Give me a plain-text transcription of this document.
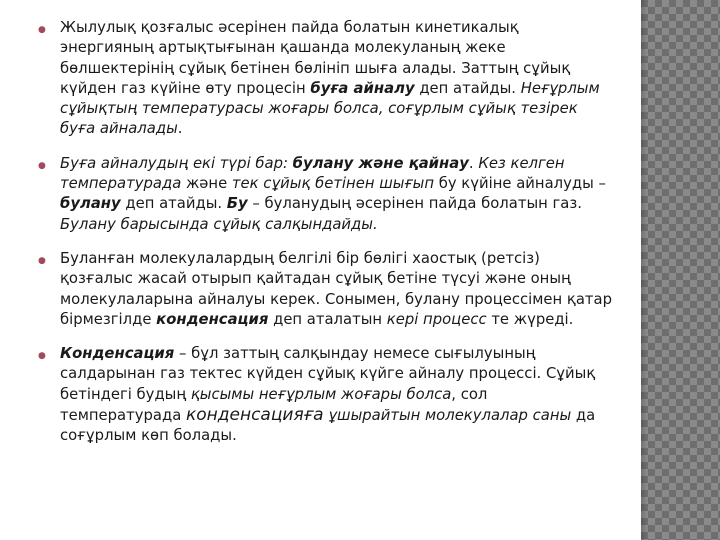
● Жылулық қозғалыс әсерінен пайда болатын кинетикалық энергияның артықтығынан қашанда молекуланың жеке бөлшектерінің сұйық бетінен бөлініп шыға алады. Заттың сұйық күйден газ күйіне өту процесін буға айналу деп атайды. Неғұрлым сұйықтың температурасы жоғары болса, соғұрлым сұйық тезірек буға айналады.
● Буға айналудың екі түрі бар: булану және қайнау. Кез келген температурада және тек сұйық бетінен шығып бу күйіне айналуды – булану деп атайды. Бу – буланудың әсерінен пайда болатын газ. Булану барысында сұйық салқындайды.
● Буланған молекулалардың белгілі бір бөлігі хаостық (ретсіз) қозғалыс жасай отырып қайтадан сұйық бетіне түсуі және оның молекулаларына айналуы керек. Сонымен, булану процессімен қатар бірмезгілде конденсация деп аталатын кері процесс те жүреді.
● Конденсация – бұл заттың салқындау немесе сығылуының салдарынан газ тектес күйден сұйық күйге айналу процессі. Сұйық бетіндегі будың қысымы неғұрлым жоғары болса, сол температурада конденсацияға ұшырайтын молекулалар саны да соғұрлым көп болады.
